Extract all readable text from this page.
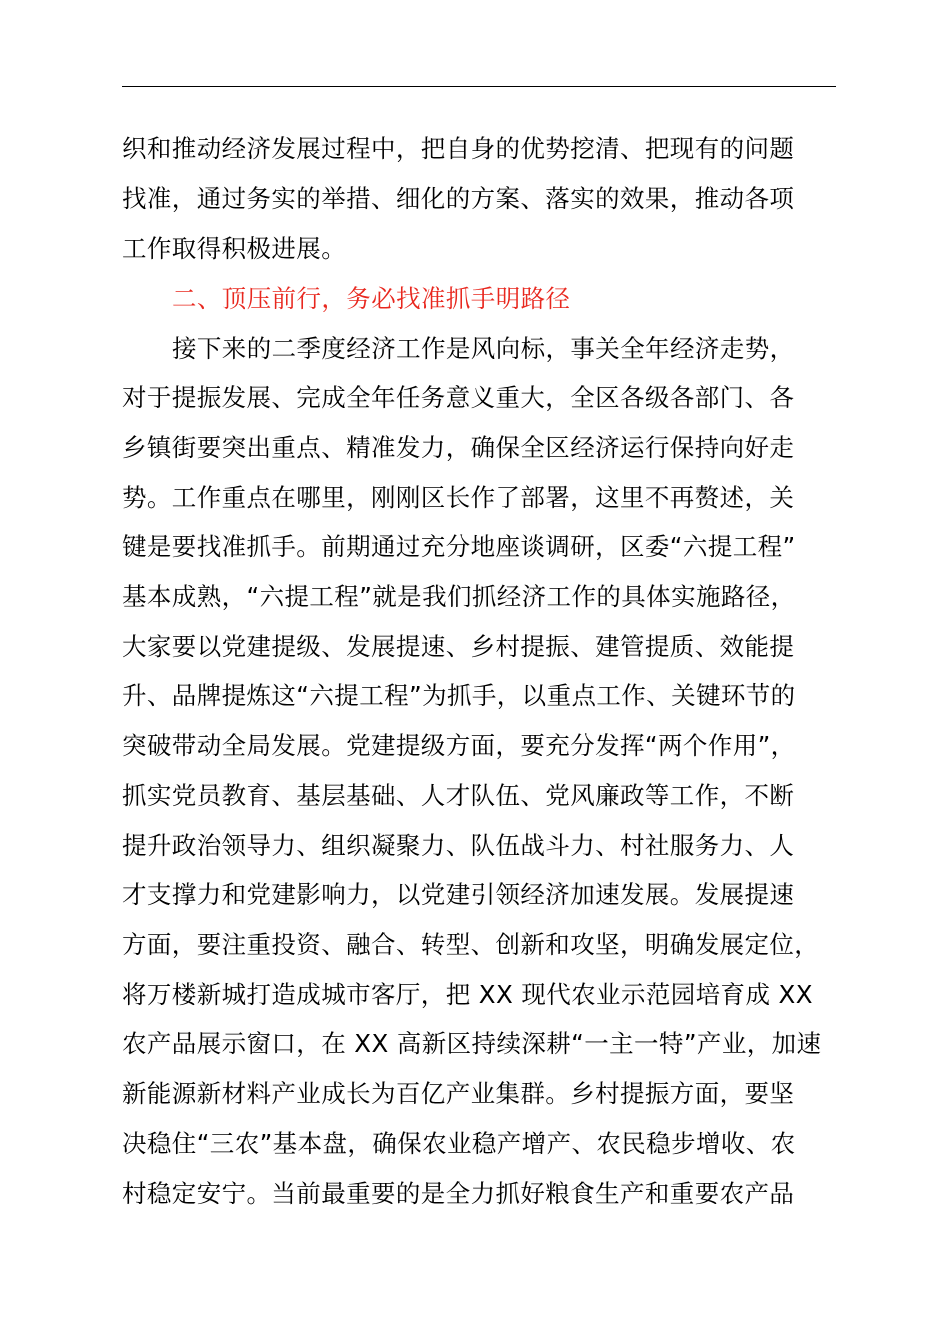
织和推动经济发展过程中，把自身的优势挖清、把现有的问题
找准，通过务实的举措、细化的方案、落实的效果，推动各项
工作取得积极进展。
二、顶压前行，务必找准抓手明路径
接下来的二季度经济工作是风向标，事关全年经济走势，
对于提振发展、完成全年任务意义重大，全区各级各部门、各
乡镇街要突出重点、精准发力，确保全区经济运行保持向好走
势。工作重点在哪里，刚刚区长作了部署，这里不再赘述，关
键是要找准抓手。前期通过充分地座谈调研，区委“六提工程”
基本成熟，“六提工程”就是我们抓经济工作的具体实施路径，
大家要以党建提级、发展提速、乡村提振、建管提质、效能提
升、品牌提炼这“六提工程”为抓手，以重点工作、关键环节的
突破带动全局发展。党建提级方面，要充分发挥“两个作用”，
抓实党员教育、基层基础、人才队伍、党风廉政等工作，不断
提升政治领导力、组织凝聚力、队伍战斗力、村社服务力、人
才支撑力和党建影响力，以党建引领经济加速发展。发展提速
方面，要注重投资、融合、转型、创新和攻坚，明确发展定位，
将万楼新城打造成城市客厅，把 XX 现代农业示范园培育成 XX
农产品展示窗口，在 XX 高新区持续深耕“一主一特”产业，加速
新能源新材料产业成长为百亿产业集群。乡村提振方面，要坚
决稳住“三农”基本盘，确保农业稳产增产、农民稳步增收、农
村稳定安宁。当前最重要的是全力抓好粮食生产和重要农产品
